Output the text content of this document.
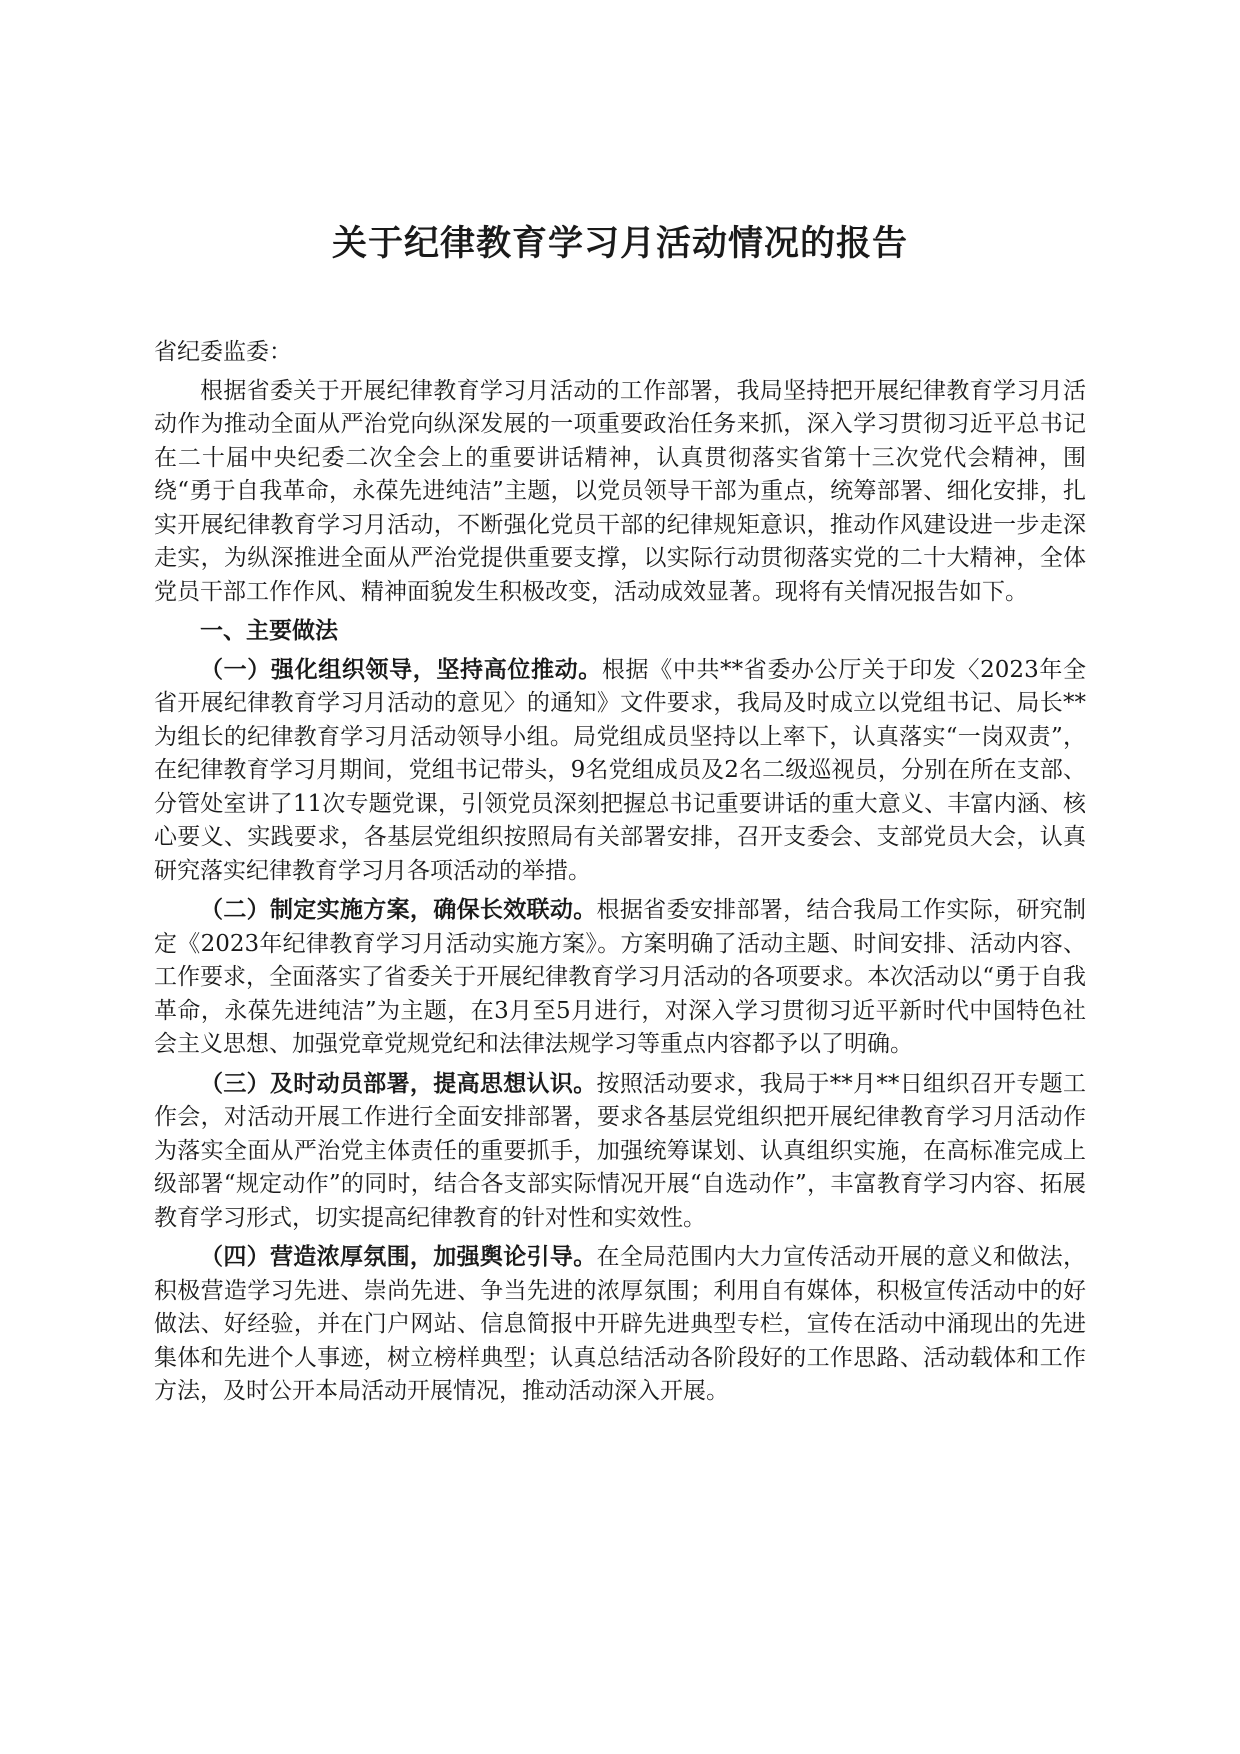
关于纪律教育学习月活动情况的报告

省纪委监委：

根据省委关于开展纪律教育学习月活动的工作部署，我局坚持把开展纪律教育学习月活动作为推动全面从严治党向纵深发展的一项重要政治任务来抓，深入学习贯彻习近平总书记在二十届中央纪委二次全会上的重要讲话精神，认真贯彻落实省第十三次党代会精神，围绕“勇于自我革命，永葆先进纯洁”主题，以党员领导干部为重点，统筹部署、细化安排，扎实开展纪律教育学习月活动，不断强化党员干部的纪律规矩意识，推动作风建设进一步走深走实，为纵深推进全面从严治党提供重要支撑，以实际行动贯彻落实党的二十大精神，全体党员干部工作作风、精神面貌发生积极改变，活动成效显著。现将有关情况报告如下。

一、主要做法

（一）强化组织领导，坚持高位推动。根据《中共**省委办公厅关于印发〈2023年全省开展纪律教育学习月活动的意见〉的通知》文件要求，我局及时成立以党组书记、局长**为组长的纪律教育学习月活动领导小组。局党组成员坚持以上率下，认真落实“一岗双责”，在纪律教育学习月期间，党组书记带头，9名党组成员及2名二级巡视员，分别在所在支部、分管处室讲了11次专题党课，引领党员深刻把握总书记重要讲话的重大意义、丰富内涵、核心要义、实践要求，各基层党组织按照局有关部署安排，召开支委会、支部党员大会，认真研究落实纪律教育学习月各项活动的举措。

（二）制定实施方案，确保长效联动。根据省委安排部署，结合我局工作实际，研究制定《2023年纪律教育学习月活动实施方案》。方案明确了活动主题、时间安排、活动内容、工作要求，全面落实了省委关于开展纪律教育学习月活动的各项要求。本次活动以“勇于自我革命，永葆先进纯洁”为主题，在3月至5月进行，对深入学习贯彻习近平新时代中国特色社会主义思想、加强党章党规党纪和法律法规学习等重点内容都予以了明确。

（三）及时动员部署，提高思想认识。按照活动要求，我局于**月**日组织召开专题工作会，对活动开展工作进行全面安排部署，要求各基层党组织把开展纪律教育学习月活动作为落实全面从严治党主体责任的重要抓手，加强统筹谋划、认真组织实施，在高标准完成上级部署“规定动作”的同时，结合各支部实际情况开展“自选动作”，丰富教育学习内容、拓展教育学习形式，切实提高纪律教育的针对性和实效性。

（四）营造浓厚氛围，加强舆论引导。在全局范围内大力宣传活动开展的意义和做法，积极营造学习先进、崇尚先进、争当先进的浓厚氛围；利用自有媒体，积极宣传活动中的好做法、好经验，并在门户网站、信息简报中开辟先进典型专栏，宣传在活动中涌现出的先进集体和先进个人事迹，树立榜样典型；认真总结活动各阶段好的工作思路、活动载体和工作方法，及时公开本局活动开展情况，推动活动深入开展。
